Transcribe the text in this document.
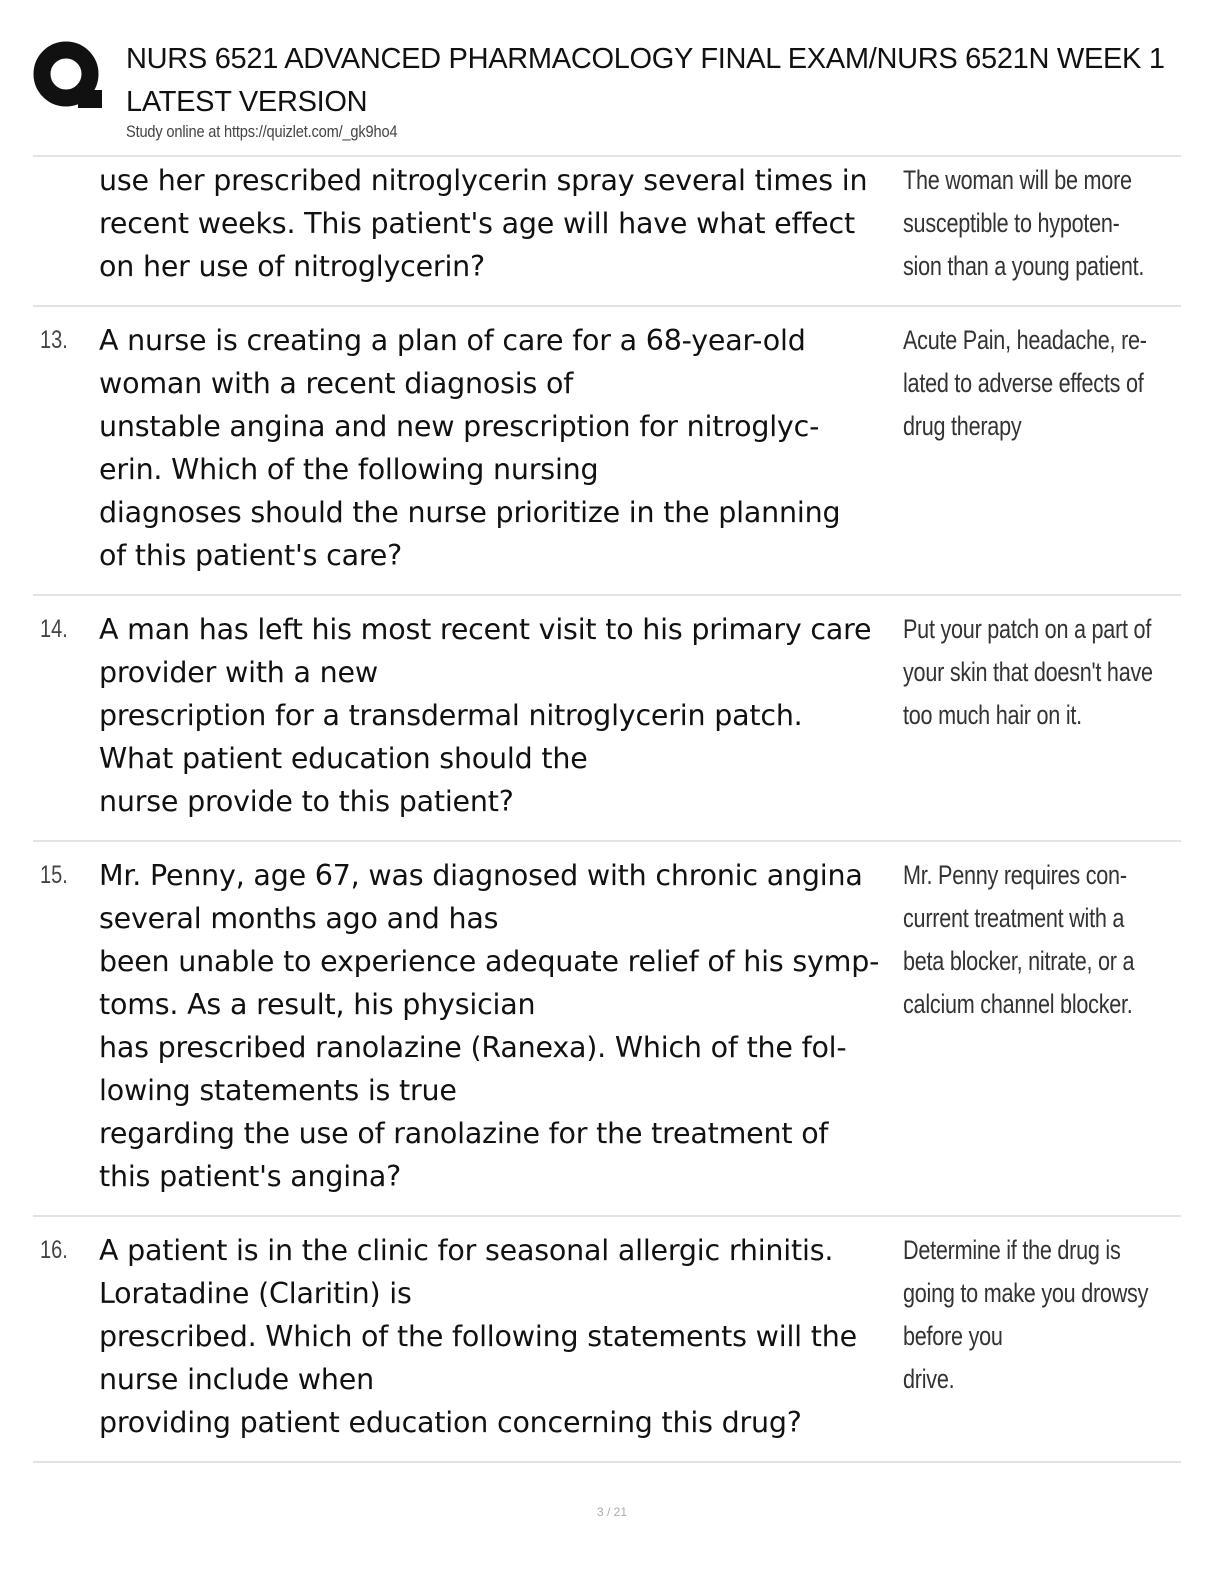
NURS 6521 ADVANCED PHARMACOLOGY FINAL EXAM/NURS 6521N WEEK 1
LATEST VERSION
Study online at https://quizlet.com/_gk9ho4
use her prescribed nitroglycerin spray several times in
recent weeks. This patient's age will have what effect
on her use of nitroglycerin?
The woman will be more
susceptible to hypoten-
sion than a young patient.
13. A nurse is creating a plan of care for a 68-year-old
woman with a recent diagnosis of
unstable angina and new prescription for nitroglyc-
erin. Which of the following nursing
diagnoses should the nurse prioritize in the planning
of this patient's care?
Acute Pain, headache, re-
lated to adverse effects of
drug therapy
14. A man has left his most recent visit to his primary care
provider with a new
prescription for a transdermal nitroglycerin patch.
What patient education should the
nurse provide to this patient?
Put your patch on a part of
your skin that doesn't have
too much hair on it.
15. Mr. Penny, age 67, was diagnosed with chronic angina
several months ago and has
been unable to experience adequate relief of his symp-
toms. As a result, his physician
has prescribed ranolazine (Ranexa). Which of the fol-
lowing statements is true
regarding the use of ranolazine for the treatment of
this patient's angina?
Mr. Penny requires con-
current treatment with a
beta blocker, nitrate, or a
calcium channel blocker.
16. A patient is in the clinic for seasonal allergic rhinitis.
Loratadine (Claritin) is
prescribed. Which of the following statements will the
nurse include when
providing patient education concerning this drug?
Determine if the drug is
going to make you drowsy
before you
drive.
3 / 21
